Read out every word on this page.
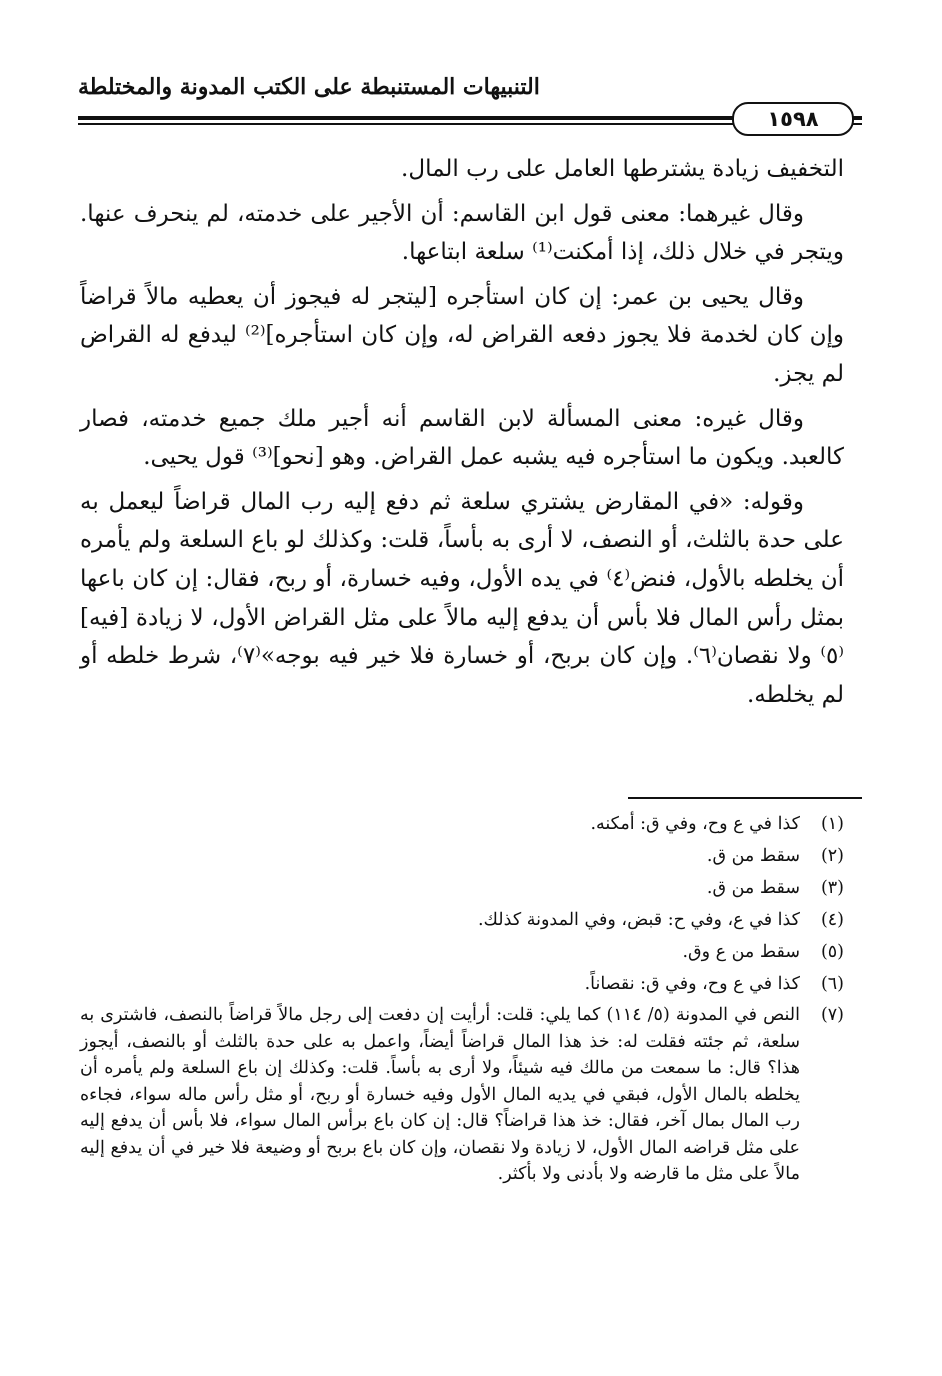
التنبيهات المستنبطة على الكتب المدونة والمختلطة
١٥٩٨

التخفيف زيادة يشترطها العامل على رب المال.

وقال غيرهما: معنى قول ابن القاسم: أن الأجير على خدمته، لم ينحرف عنها. ويتجر في خلال ذلك، إذا أمكنت⁽¹⁾ سلعة ابتاعها.

وقال يحيى بن عمر: إن كان استأجره [ليتجر له فيجوز أن يعطيه مالاً قراضاً وإن كان لخدمة فلا يجوز دفعه القراض له، وإن كان استأجره]⁽²⁾ ليدفع له القراض لم يجز.

وقال غيره: معنى المسألة لابن القاسم أنه أجير ملك جميع خدمته، فصار كالعبد. ويكون ما استأجره فيه يشبه عمل القراض. وهو [نحو]⁽³⁾ قول يحيى.

وقوله: «في المقارض يشتري سلعة ثم دفع إليه رب المال قراضاً ليعمل به على حدة بالثلث، أو النصف، لا أرى به بأساً، قلت: وكذلك لو باع السلعة ولم يأمره أن يخلطه بالأول، فنض⁽٤⁾ في يده الأول، وفيه خسارة، أو ربح، فقال: إن كان باعها بمثل رأس المال فلا بأس أن يدفع إليه مالاً على مثل القراض الأول، لا زيادة [فيه]⁽٥⁾ ولا نقصان⁽٦⁾. وإن كان بربح، أو خسارة فلا خير فيه بوجه»⁽٧⁾، شرط خلطه أو لم يخلطه.

(١)
كذا في ع وح، وفي ق: أمكنه.
(٢)
سقط من ق.
(٣)
سقط من ق.
(٤)
كذا في ع، وفي ح: قبض، وفي المدونة كذلك.
(٥)
سقط من ع وق.
(٦)
كذا في ع وح، وفي ق: نقصاناً.
(٧)
النص في المدونة (٥/ ١١٤) كما يلي: قلت: أرأيت إن دفعت إلى رجل مالاً قراضاً بالنصف، فاشترى به سلعة، ثم جئته فقلت له: خذ هذا المال قراضاً أيضاً، واعمل به على حدة بالثلث أو بالنصف، أيجوز هذا؟ قال: ما سمعت من مالك فيه شيئاً، ولا أرى به بأساً. قلت: وكذلك إن باع السلعة ولم يأمره أن يخلطه بالمال الأول، فبقي في يديه المال الأول وفيه خسارة أو ربح، أو مثل رأس ماله سواء، فجاءه رب المال بمال آخر، فقال: خذ هذا قراضاً؟ قال: إن كان باع برأس المال سواء، فلا بأس أن يدفع إليه على مثل قراضه المال الأول، لا زيادة ولا نقصان، وإن كان باع بربح أو وضيعة فلا خير في أن يدفع إليه مالاً على مثل ما قارضه ولا بأدنى ولا بأكثر.
